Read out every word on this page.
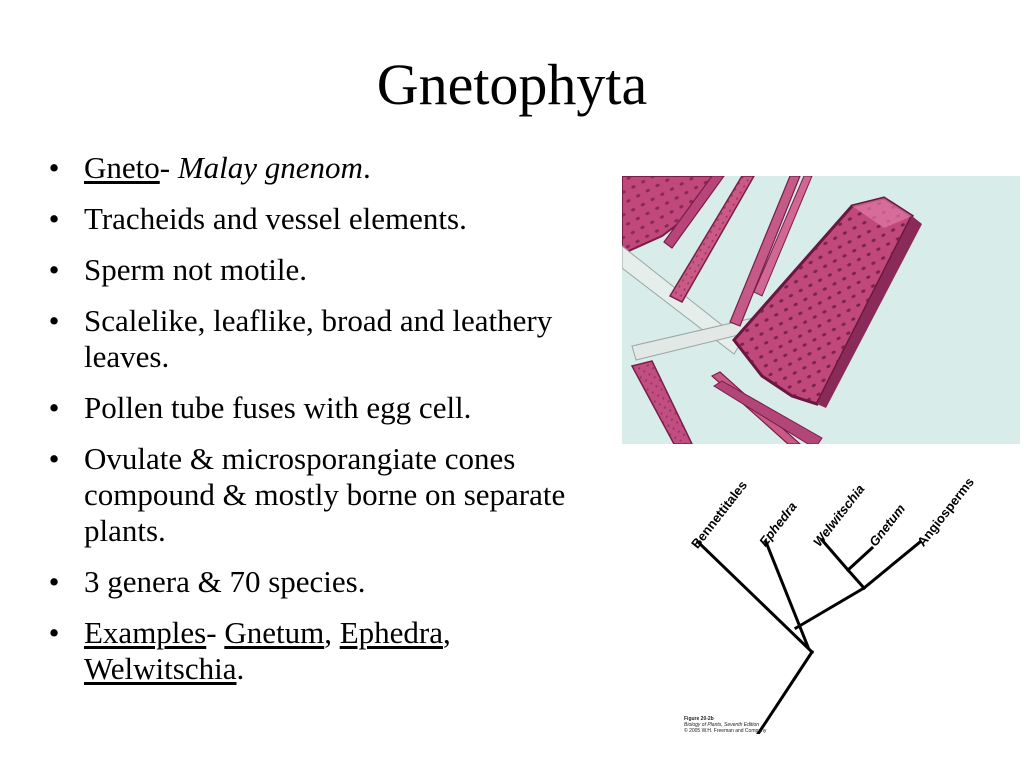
Gnetophyta
• Gneto- Malay gnenom.
• Tracheids and vessel elements.
• Sperm not motile.
• Scalelike, leaflike, broad and leathery leaves.
• Pollen tube fuses with egg cell.
• Ovulate & microsporangiate cones compound & mostly borne on separate plants.
• 3 genera & 70 species.
• Examples- Gnetum, Ephedra,
Welwitschia.
Bennettitales Ephedra Welwitschia
Gnetum Angiosperms
Figure 20-2b
Biology of Plants, Seventh Edition
© 2005 W.H. Freeman and Company
